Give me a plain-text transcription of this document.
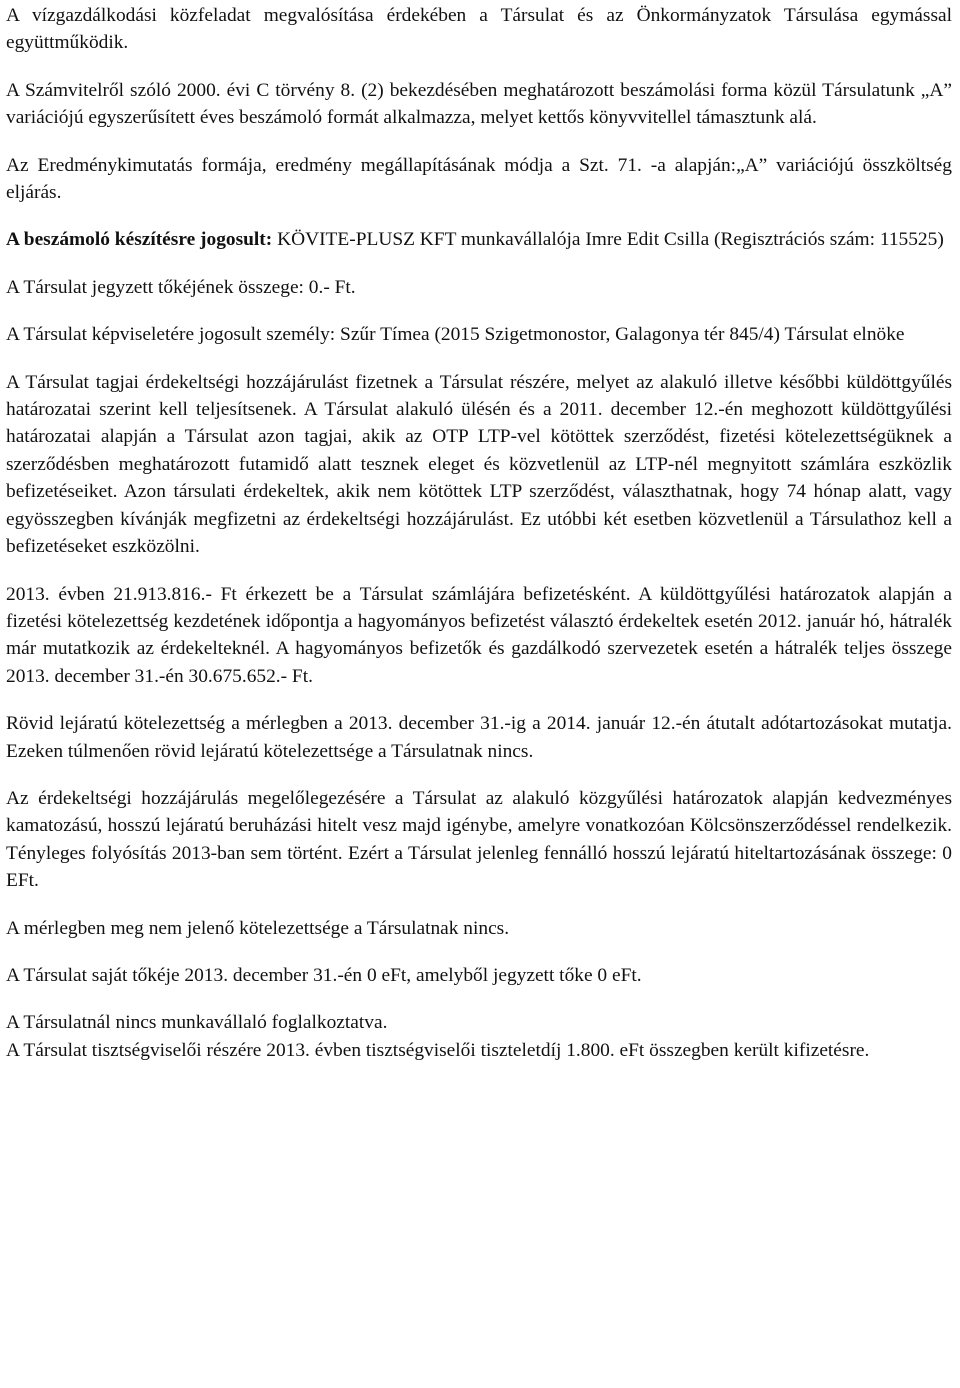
A vízgazdálkodási közfeladat megvalósítása érdekében a Társulat és az Önkormányzatok Társulása egymással együttműködik.

A Számvitelről szóló 2000. évi C törvény 8. (2) bekezdésében meghatározott beszámolási forma közül Társulatunk „A” variációjú egyszerűsített éves beszámoló formát alkalmazza, melyet kettős könyvvitellel támasztunk alá.

Az Eredménykimutatás formája, eredmény megállapításának módja a Szt. 71. -a alapján:„A” variációjú összköltség eljárás.

A beszámoló készítésre jogosult: KÖVITE-PLUSZ KFT munkavállalója Imre Edit Csilla (Regisztrációs szám: 115525)

A Társulat jegyzett tőkéjének összege: 0.- Ft.

A Társulat képviseletére jogosult személy: Szűr Tímea (2015 Szigetmonostor, Galagonya tér 845/4) Társulat elnöke

A Társulat tagjai érdekeltségi hozzájárulást fizetnek a Társulat részére, melyet az alakuló illetve későbbi küldöttgyűlés határozatai szerint kell teljesítsenek. A Társulat alakuló ülésén és a 2011. december 12.-én meghozott küldöttgyűlési határozatai alapján a Társulat azon tagjai, akik az OTP LTP-vel kötöttek szerződést, fizetési kötelezettségüknek a szerződésben meghatározott futamidő alatt tesznek eleget és közvetlenül az LTP-nél megnyitott számlára eszközlik befizetéseiket. Azon társulati érdekeltek, akik nem kötöttek LTP szerződést, választhatnak, hogy 74 hónap alatt, vagy egyösszegben kívánják megfizetni az érdekeltségi hozzájárulást. Ez utóbbi két esetben közvetlenül a Társulathoz kell a befizetéseket eszközölni.

2013. évben 21.913.816.- Ft érkezett be a Társulat számlájára befizetésként. A küldöttgyűlési határozatok alapján a fizetési kötelezettség kezdetének időpontja a hagyományos befizetést választó érdekeltek esetén 2012. január hó, hátralék már mutatkozik az érdekelteknél. A hagyományos befizetők és gazdálkodó szervezetek esetén a hátralék teljes összege 2013. december 31.-én 30.675.652.- Ft.

Rövid lejáratú kötelezettség a mérlegben a 2013. december 31.-ig a 2014. január 12.-én átutalt adótartozásokat mutatja. Ezeken túlmenően rövid lejáratú kötelezettsége a Társulatnak nincs.

Az érdekeltségi hozzájárulás megelőlegezésére a Társulat az alakuló közgyűlési határozatok alapján kedvezményes kamatozású, hosszú lejáratú beruházási hitelt vesz majd igénybe, amelyre vonatkozóan Kölcsönszerződéssel rendelkezik. Tényleges folyósítás 2013-ban sem történt. Ezért a Társulat jelenleg fennálló hosszú lejáratú hiteltartozásának összege: 0 EFt.

A mérlegben meg nem jelenő kötelezettsége a Társulatnak nincs.

A Társulat saját tőkéje 2013. december 31.-én 0 eFt, amelyből jegyzett tőke 0 eFt.

A Társulatnál nincs munkavállaló foglalkoztatva.

A Társulat tisztségviselői részére 2013. évben tisztségviselői tiszteletdíj 1.800. eFt összegben került kifizetésre.
